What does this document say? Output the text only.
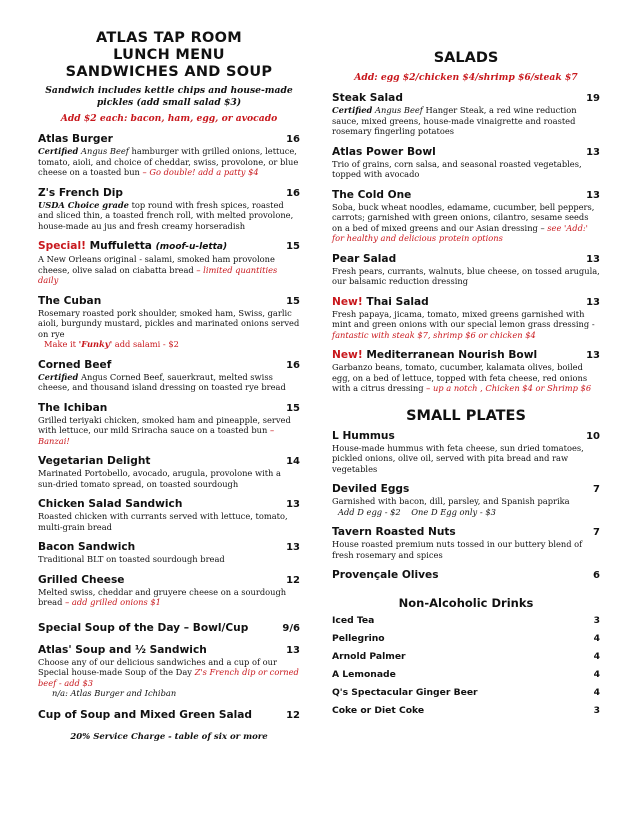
ATLAS TAP ROOM
LUNCH MENU
SANDWICHES AND SOUP
Sandwich includes kettle chips and house-made pickles (add small salad $3)
Add $2 each: bacon, ham, egg, or avocado
Atlas Burger	16
Certified Angus Beef hamburger with grilled onions, lettuce, tomato, aioli, and choice of cheddar, swiss, provolone, or blue cheese on a toasted bun – Go double! add a patty $4
Z's French Dip	16
USDA Choice grade top round with fresh spices, roasted and sliced thin, a toasted french roll, with melted provolone, house-made au jus and fresh creamy horseradish
Special! Muffuletta (moof-u-letta)	15
A New Orleans original - salami, smoked ham provolone cheese, olive salad on ciabatta bread – limited quantities daily
The Cuban	15
Rosemary roasted pork shoulder, smoked ham, Swiss, garlic aioli, burgundy mustard, pickles and marinated onions served on rye
Make it 'Funky' add salami - $2
Corned Beef	16
Certified Angus Corned Beef, sauerkraut, melted swiss cheese, and thousand island dressing on toasted rye bread
The Ichiban	15
Grilled teriyaki chicken, smoked ham and pineapple, served with lettuce, our mild Sriracha sauce on a toasted bun – Banzai!
Vegetarian Delight	14
Marinated Portobello, avocado, arugula, provolone with a sun-dried tomato spread, on toasted sourdough
Chicken Salad Sandwich	13
Roasted chicken with currants served with lettuce, tomato, multi-grain bread
Bacon Sandwich	13
Traditional BLT on toasted sourdough bread
Grilled Cheese	12
Melted swiss, cheddar and gruyere cheese on a sourdough bread – add grilled onions $1
Special Soup of the Day – Bowl/Cup	9/6
Atlas' Soup and ½ Sandwich	13
Choose any of our delicious sandwiches and a cup of our Special house-made Soup of the Day Z's French dip or corned beef - add $3
n/a: Atlas Burger and Ichiban
Cup of Soup and Mixed Green Salad	12
20% Service Charge - table of six or more
SALADS
Add: egg $2/chicken $4/shrimp $6/steak $7
Steak Salad	19
Certified Angus Beef Hanger Steak, a red wine reduction sauce, mixed greens, house-made vinaigrette and roasted rosemary fingerling potatoes
Atlas Power Bowl	13
Trio of grains, corn salsa, and seasonal roasted vegetables, topped with avocado
The Cold One	13
Soba, buck wheat noodles, edamame, cucumber, bell peppers, carrots; garnished with green onions, cilantro, sesame seeds on a bed of mixed greens and our Asian dressing – see 'Add:' for healthy and delicious protein options
Pear Salad	13
Fresh pears, currants, walnuts, blue cheese, on tossed arugula, our balsamic reduction dressing
New! Thai Salad	13
Fresh papaya, jicama, tomato, mixed greens garnished with mint and green onions with our special lemon grass dressing - fantastic with steak $7, shrimp $6 or chicken $4
New! Mediterranean Nourish Bowl	13
Garbanzo beans, tomato, cucumber, kalamata olives, boiled egg, on a bed of lettuce, topped with feta cheese, red onions with a citrus dressing – up a notch , Chicken $4 or Shrimp $6
SMALL PLATES
L Hummus	10
House-made hummus with feta cheese, sun dried tomatoes, pickled onions, olive oil, served with pita bread and raw vegetables
Deviled Eggs	7
Garnished with bacon, dill, parsley, and Spanish paprika
Add D egg - $2    One D Egg only - $3
Tavern Roasted Nuts	7
House roasted premium nuts tossed in our buttery blend of fresh rosemary and spices
Provençale Olives	6
Non-Alcoholic Drinks
Iced Tea	3
Pellegrino	4
Arnold Palmer	4
A Lemonade	4
Q's Spectacular Ginger Beer	4
Coke or Diet Coke	3
